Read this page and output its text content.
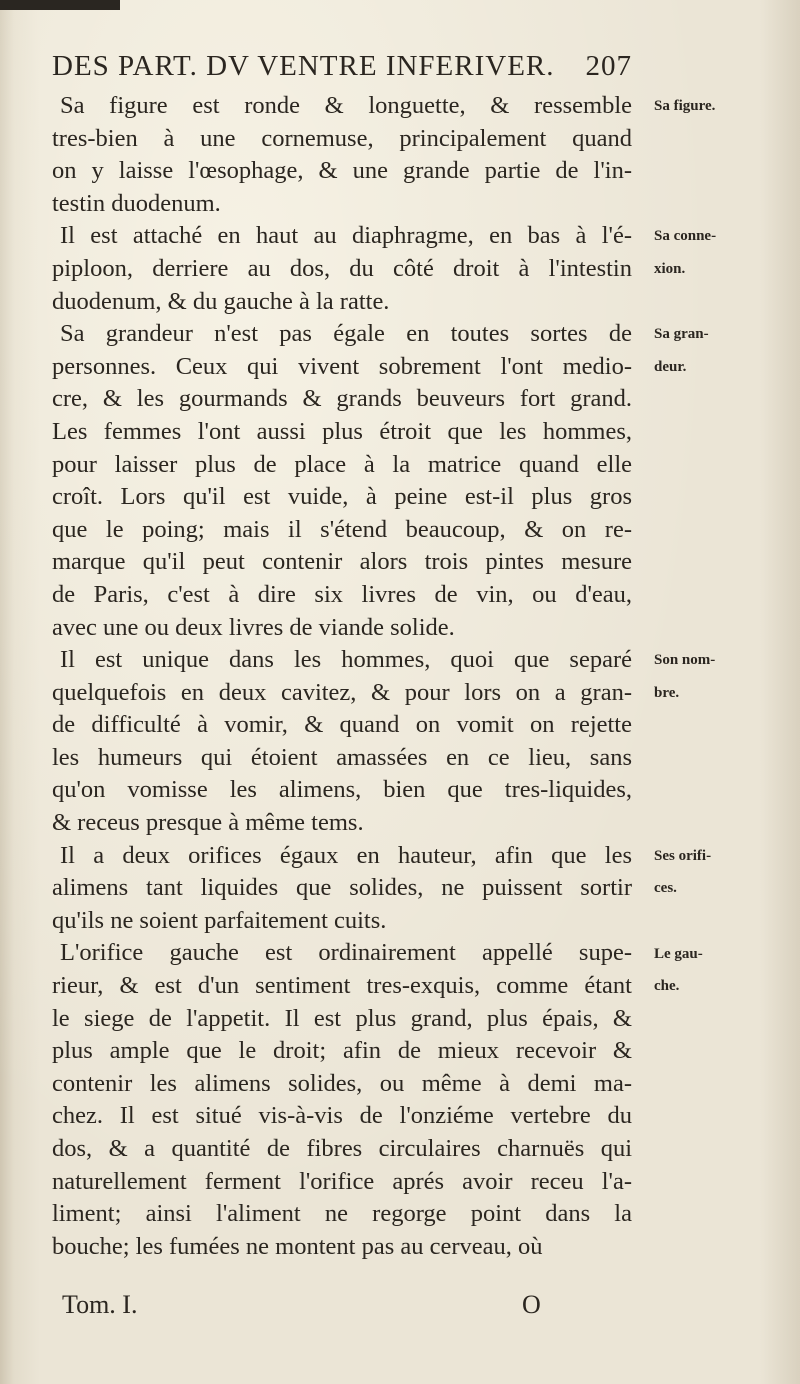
DES PART. DV VENTRE INFERIVER. 207
Sa figure est ronde & longuette, & ressemble
tres-bien à une cornemuse, principalement quand
on y laisse l'œsophage, & une grande partie de l'in-
testin duodenum.
Il est attaché en haut au diaphragme, en bas à l'é-
piploon, derriere au dos, du côté droit à l'intestin
duodenum, & du gauche à la ratte.
Sa grandeur n'est pas égale en toutes sortes de
personnes. Ceux qui vivent sobrement l'ont medio-
cre, & les gourmands & grands beuveurs fort grand.
Les femmes l'ont aussi plus étroit que les hommes,
pour laisser plus de place à la matrice quand elle
croît. Lors qu'il est vuide, à peine est-il plus gros
que le poing; mais il s'étend beaucoup, & on re-
marque qu'il peut contenir alors trois pintes mesure
de Paris, c'est à dire six livres de vin, ou d'eau,
avec une ou deux livres de viande solide.
Il est unique dans les hommes, quoi que separé
quelquefois en deux cavitez, & pour lors on a gran-
de difficulté à vomir, & quand on vomit on rejette
les humeurs qui étoient amassées en ce lieu, sans
qu'on vomisse les alimens, bien que tres-liquides,
& receus presque à même tems.
Il a deux orifices égaux en hauteur, afin que les
alimens tant liquides que solides, ne puissent sortir
qu'ils ne soient parfaitement cuits.
L'orifice gauche est ordinairement appellé supe-
rieur, & est d'un sentiment tres-exquis, comme étant
le siege de l'appetit. Il est plus grand, plus épais, &
plus ample que le droit; afin de mieux recevoir &
contenir les alimens solides, ou même à demi ma-
chez. Il est situé vis-à-vis de l'onziéme vertebre du
dos, & a quantité de fibres circulaires charnuës qui
naturellement ferment l'orifice aprés avoir receu l'a-
liment; ainsi l'aliment ne regorge point dans la
bouche; les fumées ne montent pas au cerveau, où
Sa figure.
Sa conne-
xion.
Sa gran-
deur.
Son nom-
bre.
Ses orifi-
ces.
Le gau-
che.
Tom. I.	O
